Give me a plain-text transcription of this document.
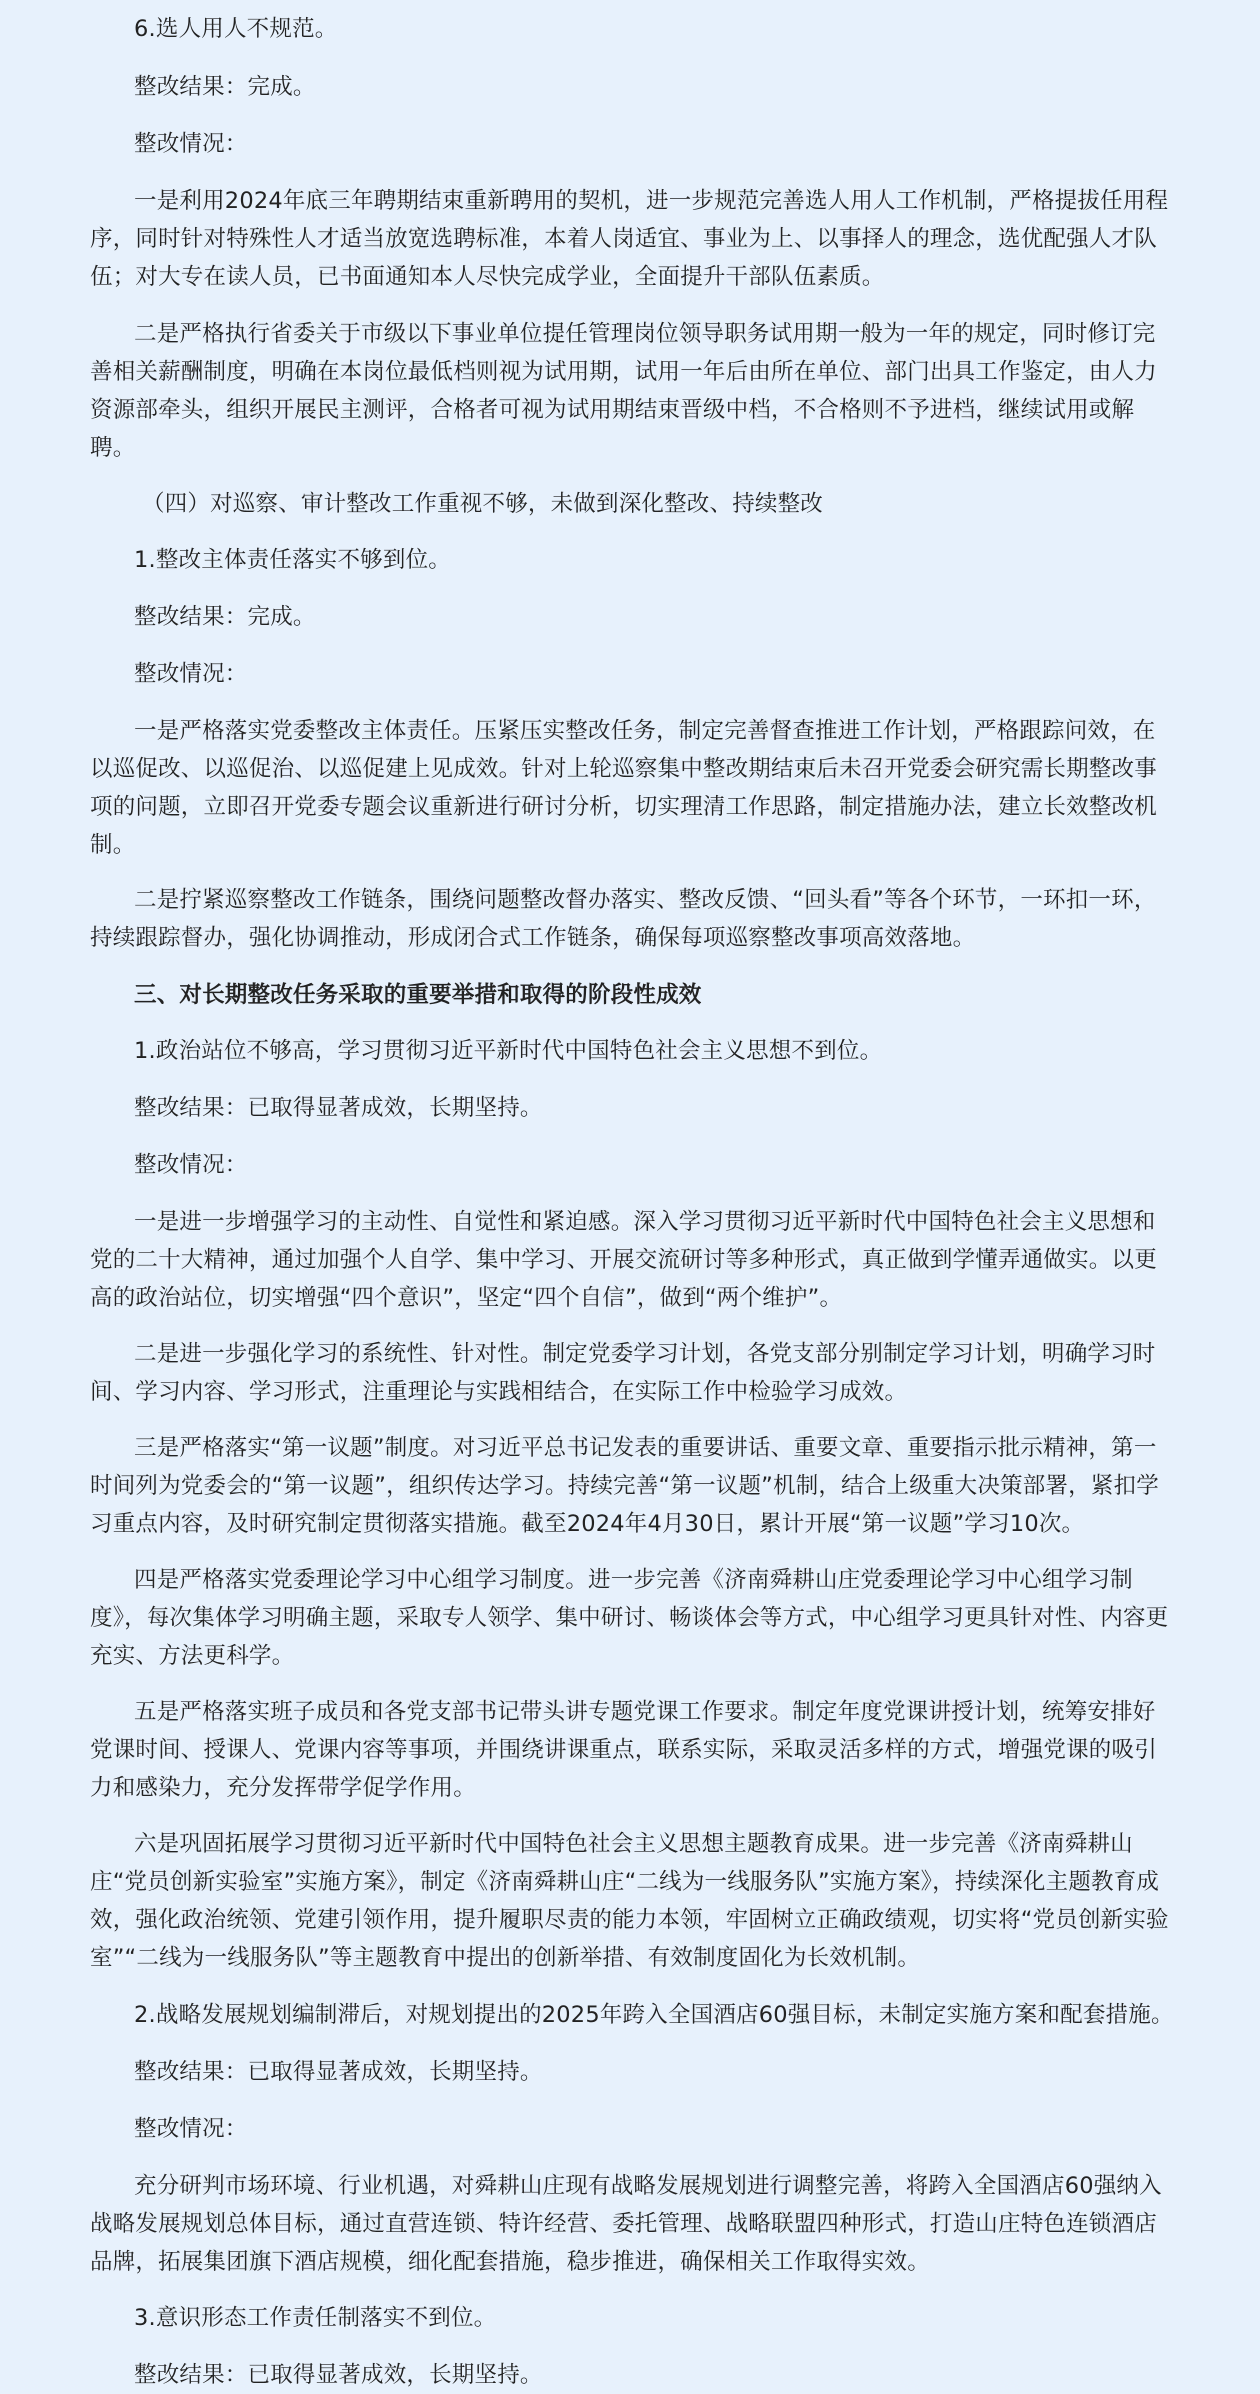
6.选人用人不规范。

整改结果：完成。

整改情况：

一是利用2024年底三年聘期结束重新聘用的契机，进一步规范完善选人用人工作机制，严格提拔任用程序，同时针对特殊性人才适当放宽选聘标准，本着人岗适宜、事业为上、以事择人的理念，选优配强人才队伍；对大专在读人员，已书面通知本人尽快完成学业，全面提升干部队伍素质。

二是严格执行省委关于市级以下事业单位提任管理岗位领导职务试用期一般为一年的规定，同时修订完善相关薪酬制度，明确在本岗位最低档则视为试用期，试用一年后由所在单位、部门出具工作鉴定，由人力资源部牵头，组织开展民主测评，合格者可视为试用期结束晋级中档，不合格则不予进档，继续试用或解聘。

（四）对巡察、审计整改工作重视不够，未做到深化整改、持续整改

1.整改主体责任落实不够到位。

整改结果：完成。

整改情况：

一是严格落实党委整改主体责任。压紧压实整改任务，制定完善督查推进工作计划，严格跟踪问效，在以巡促改、以巡促治、以巡促建上见成效。针对上轮巡察集中整改期结束后未召开党委会研究需长期整改事项的问题，立即召开党委专题会议重新进行研讨分析，切实理清工作思路，制定措施办法，建立长效整改机制。

二是拧紧巡察整改工作链条，围绕问题整改督办落实、整改反馈、“回头看”等各个环节，一环扣一环，持续跟踪督办，强化协调推动，形成闭合式工作链条，确保每项巡察整改事项高效落地。

三、对长期整改任务采取的重要举措和取得的阶段性成效

1.政治站位不够高，学习贯彻习近平新时代中国特色社会主义思想不到位。

整改结果：已取得显著成效，长期坚持。

整改情况：

一是进一步增强学习的主动性、自觉性和紧迫感。深入学习贯彻习近平新时代中国特色社会主义思想和党的二十大精神，通过加强个人自学、集中学习、开展交流研讨等多种形式，真正做到学懂弄通做实。以更高的政治站位，切实增强“四个意识”，坚定“四个自信”，做到“两个维护”。

二是进一步强化学习的系统性、针对性。制定党委学习计划，各党支部分别制定学习计划，明确学习时间、学习内容、学习形式，注重理论与实践相结合，在实际工作中检验学习成效。

三是严格落实“第一议题”制度。对习近平总书记发表的重要讲话、重要文章、重要指示批示精神，第一时间列为党委会的“第一议题”，组织传达学习。持续完善“第一议题”机制，结合上级重大决策部署，紧扣学习重点内容，及时研究制定贯彻落实措施。截至2024年4月30日，累计开展“第一议题”学习10次。

四是严格落实党委理论学习中心组学习制度。进一步完善《济南舜耕山庄党委理论学习中心组学习制度》，每次集体学习明确主题，采取专人领学、集中研讨、畅谈体会等方式，中心组学习更具针对性、内容更充实、方法更科学。

五是严格落实班子成员和各党支部书记带头讲专题党课工作要求。制定年度党课讲授计划，统筹安排好党课时间、授课人、党课内容等事项，并围绕讲课重点，联系实际，采取灵活多样的方式，增强党课的吸引力和感染力，充分发挥带学促学作用。

六是巩固拓展学习贯彻习近平新时代中国特色社会主义思想主题教育成果。进一步完善《济南舜耕山庄“党员创新实验室”实施方案》，制定《济南舜耕山庄“二线为一线服务队”实施方案》，持续深化主题教育成效，强化政治统领、党建引领作用，提升履职尽责的能力本领，牢固树立正确政绩观，切实将“党员创新实验室”“二线为一线服务队”等主题教育中提出的创新举措、有效制度固化为长效机制。

2.战略发展规划编制滞后，对规划提出的2025年跨入全国酒店60强目标，未制定实施方案和配套措施。

整改结果：已取得显著成效，长期坚持。

整改情况：

充分研判市场环境、行业机遇，对舜耕山庄现有战略发展规划进行调整完善，将跨入全国酒店60强纳入战略发展规划总体目标，通过直营连锁、特许经营、委托管理、战略联盟四种形式，打造山庄特色连锁酒店品牌，拓展集团旗下酒店规模，细化配套措施，稳步推进，确保相关工作取得实效。

3.意识形态工作责任制落实不到位。

整改结果：已取得显著成效，长期坚持。
